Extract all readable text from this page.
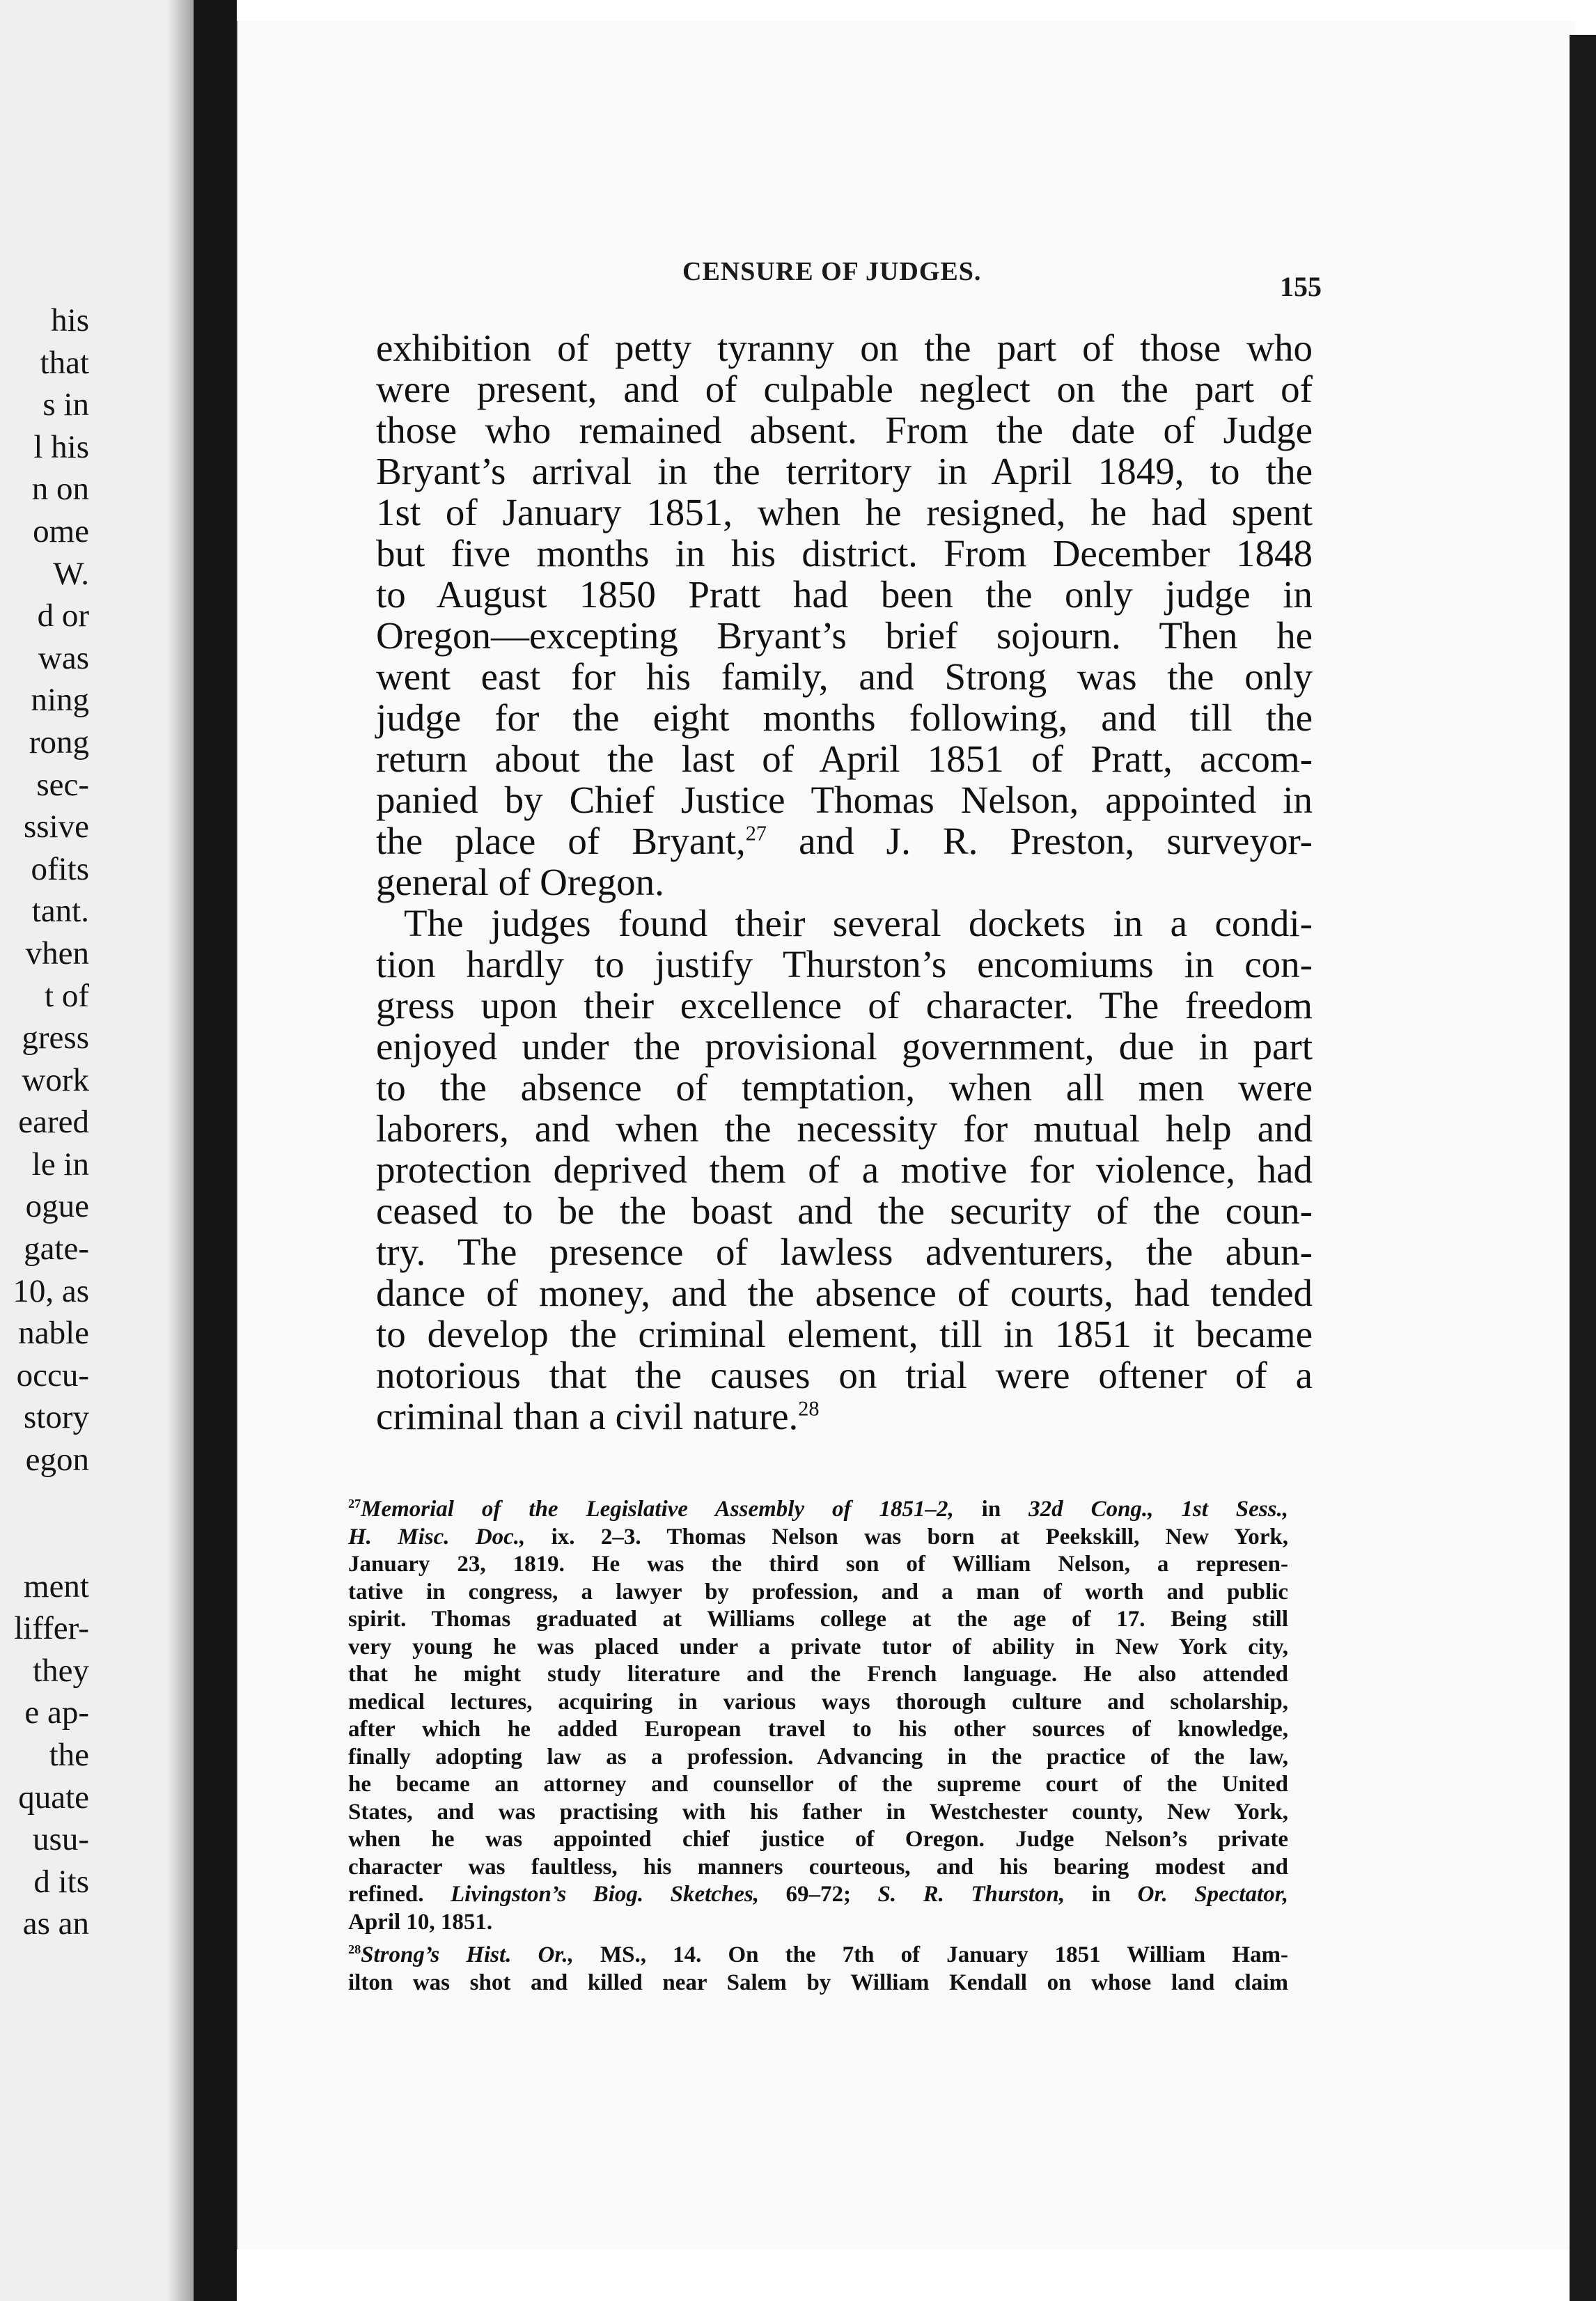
his
that
s in
l his
n on
ome
W.
d or
was
ning
rong
sec-
ssive
ofits
tant.
vhen
t of
gress
work
eared
le in
ogue
gate-
10, as
nable
occu-
story
egon
ment
liffer-
they
e ap-
the
quate
usu-
d its
as an
CENSURE OF JUDGES.	155
exhibition of petty tyranny on the part of those who
were present, and of culpable neglect on the part of
those who remained absent. From the date of Judge
Bryant’s arrival in the territory in April 1849, to the
1st of January 1851, when he resigned, he had spent
but five months in his district. From December 1848
to August 1850 Pratt had been the only judge in
Oregon—excepting Bryant’s brief sojourn. Then he
went east for his family, and Strong was the only
judge for the eight months following, and till the
return about the last of April 1851 of Pratt, accom-
panied by Chief Justice Thomas Nelson, appointed in
the place of Bryant,$^{27}$ and J. R. Preston, surveyor-
general of Oregon.
The judges found their several dockets in a condi-
tion hardly to justify Thurston’s encomiums in con-
gress upon their excellence of character. The freedom
enjoyed under the provisional government, due in part
to the absence of temptation, when all men were
laborers, and when the necessity for mutual help and
protection deprived them of a motive for violence, had
ceased to be the boast and the security of the coun-
try. The presence of lawless adventurers, the abun-
dance of money, and the absence of courts, had tended
to develop the criminal element, till in 1851 it became
notorious that the causes on trial were oftener of a
criminal than a civil nature.$^{28}$
$^{27}$Memorial of the Legislative Assembly of 1851–2, in 32d Cong., 1st Sess.,
H. Misc. Doc., ix. 2–3. Thomas Nelson was born at Peekskill, New York,
January 23, 1819. He was the third son of William Nelson, a represen-
tative in congress, a lawyer by profession, and a man of worth and public
spirit. Thomas graduated at Williams college at the age of 17. Being still
very young he was placed under a private tutor of ability in New York city,
that he might study literature and the French language. He also attended
medical lectures, acquiring in various ways thorough culture and scholarship,
after which he added European travel to his other sources of knowledge,
finally adopting law as a profession. Advancing in the practice of the law,
he became an attorney and counsellor of the supreme court of the United
States, and was practising with his father in Westchester county, New York,
when he was appointed chief justice of Oregon. Judge Nelson’s private
character was faultless, his manners courteous, and his bearing modest and
refined. Livingston’s Biog. Sketches, 69–72; S. R. Thurston, in Or. Spectator,
April 10, 1851.
$^{28}$Strong’s Hist. Or., MS., 14. On the 7th of January 1851 William Ham-
ilton was shot and killed near Salem by William Kendall on whose land claim
